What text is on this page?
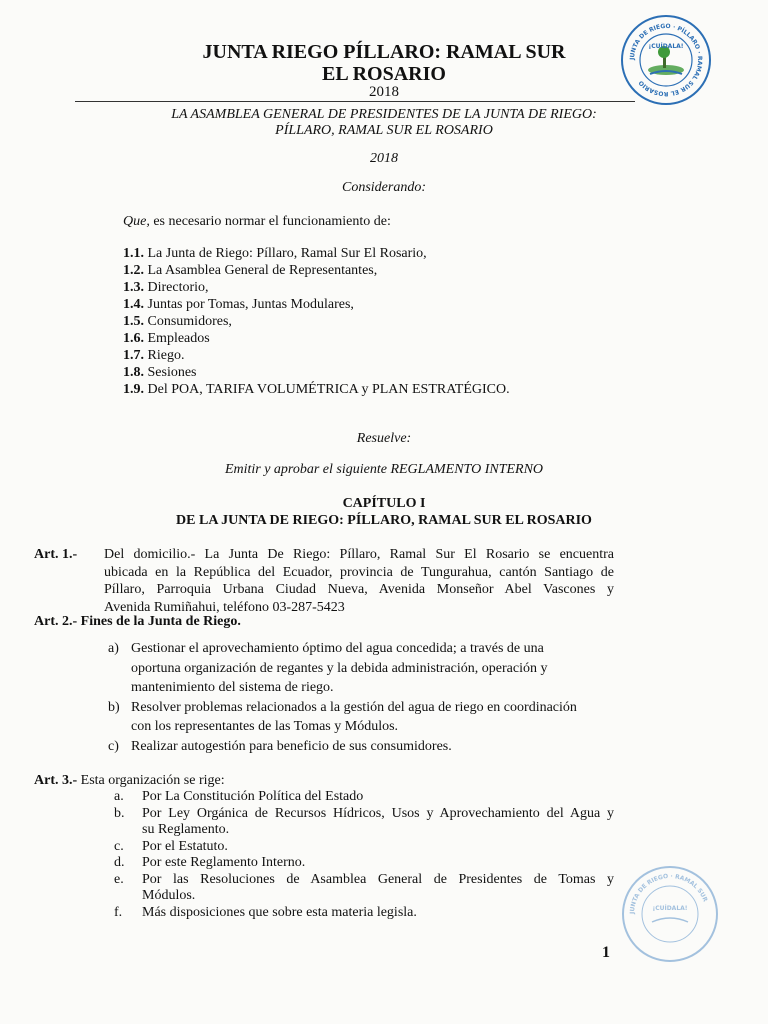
JUNTA RIEGO PÍLLARO: RAMAL SUR
EL ROSARIO
2018
JUNTA DE RIEGO · PÍLLARO · RAMAL SUR EL ROSARIO
¡CUÍDALA!
LA ASAMBLEA GENERAL DE PRESIDENTES DE LA JUNTA DE RIEGO:
PÍLLARO, RAMAL SUR EL ROSARIO
2018
Considerando:
Que, es necesario normar el funcionamiento de:
1.1. La Junta de Riego: Píllaro, Ramal Sur El Rosario,
1.2. La Asamblea General de Representantes,
1.3. Directorio,
1.4. Juntas por Tomas, Juntas Modulares,
1.5. Consumidores,
1.6. Empleados
1.7. Riego.
1.8. Sesiones
1.9. Del POA, TARIFA VOLUMÉTRICA y PLAN ESTRATÉGICO.
Resuelve:
Emitir y aprobar el siguiente REGLAMENTO INTERNO
CAPÍTULO I
DE LA JUNTA DE RIEGO: PÍLLARO, RAMAL SUR EL ROSARIO
Art. 1.- Del domicilio.- La Junta De Riego: Píllaro, Ramal Sur El Rosario se encuentra
ubicada en la República del Ecuador, provincia de Tungurahua, cantón Santiago de
Píllaro, Parroquia Urbana Ciudad Nueva, Avenida Monseñor Abel Vascones y
Avenida Rumiñahui, teléfono 03-287-5423
Art. 2.- Fines de la Junta de Riego.
a) Gestionar el aprovechamiento óptimo del agua concedida; a través de una
oportuna organización de regantes y la debida administración, operación y
mantenimiento del sistema de riego.
b) Resolver problemas relacionados a la gestión del agua de riego en coordinación
con los representantes de las Tomas y Módulos.
c) Realizar autogestión para beneficio de sus consumidores.
Art. 3.- Esta organización se rige:
a. Por La Constitución Política del Estado
b. Por Ley Orgánica de Recursos Hídricos, Usos y Aprovechamiento del Agua y
su Reglamento.
c. Por el Estatuto.
d. Por este Reglamento Interno.
e. Por las Resoluciones de Asamblea General de Presidentes de Tomas y
Módulos.
f. Más disposiciones que sobre esta materia legisla.	JUNTA DE RIEGO · RAMAL SUR
¡CUÍDALA!
1
